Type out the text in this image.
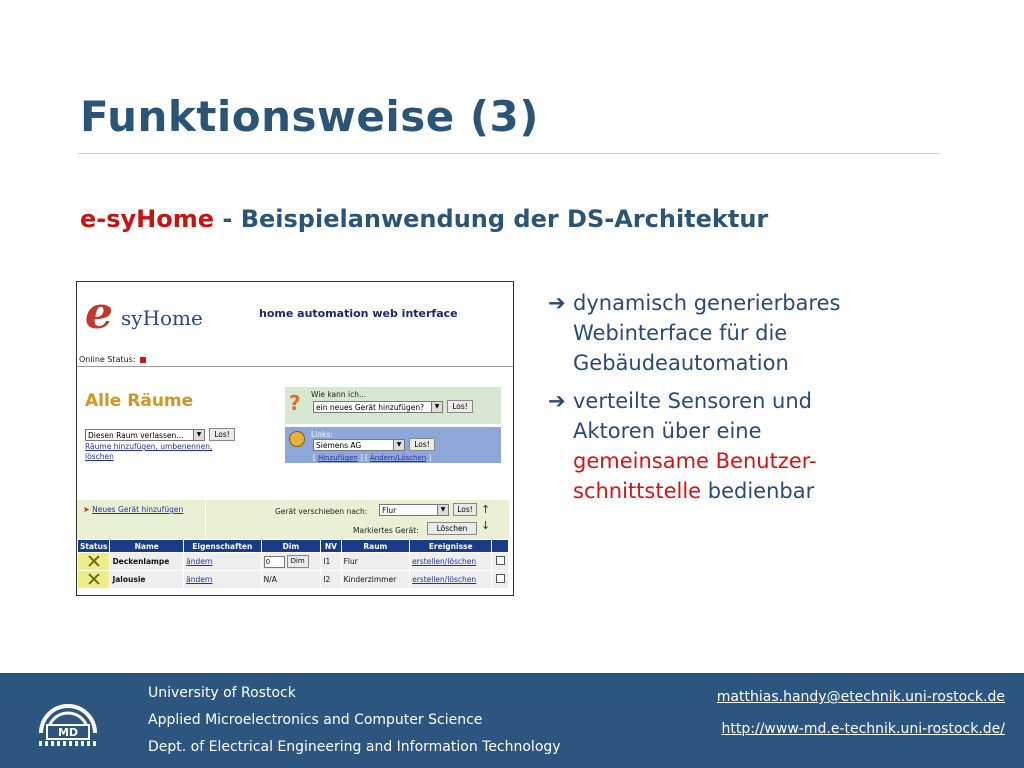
Funktionsweise (3)
e-syHome - Beispielanwendung der DS-Architektur
e syHome	home automation web interface
Online Status:
Alle Räume
Diesen Raum verlassen...	▼	Los!
Räume hinzufügen, umbenennen,
löschen
? Wie kann ich...
ein neues Gerät hinzufügen?	▼	Los!
Links:
Siemens AG	▼	Los!
[ Hinzufügen ] [ Ändern/Löschen ]
➤ Neues Gerät hinzufügen	Gerät verschieben nach:	Flur	▼	Los!
Markiertes Gerät:	Löschen
↑
↓
Status	Name	Eigenschaften	Dim	NV	Raum	Ereignisse	
	Deckenlampe	ändern	0 Dim	I1	Flur	erstellen/löschen	
	Jalousie	ändern	N/A	I2	Kinderzimmer	erstellen/löschen	
➔ dynamisch generierbares
Webinterface für die
Gebäudeautomation
➔ verteilte Sensoren und
Aktoren über eine
gemeinsame Benutzer-
schnittstelle bedienbar
MD
University of Rostock
Applied Microelectronics and Computer Science
Dept. of Electrical Engineering and Information Technology
matthias.handy@etechnik.uni-rostock.de
http://www-md.e-technik.uni-rostock.de/
